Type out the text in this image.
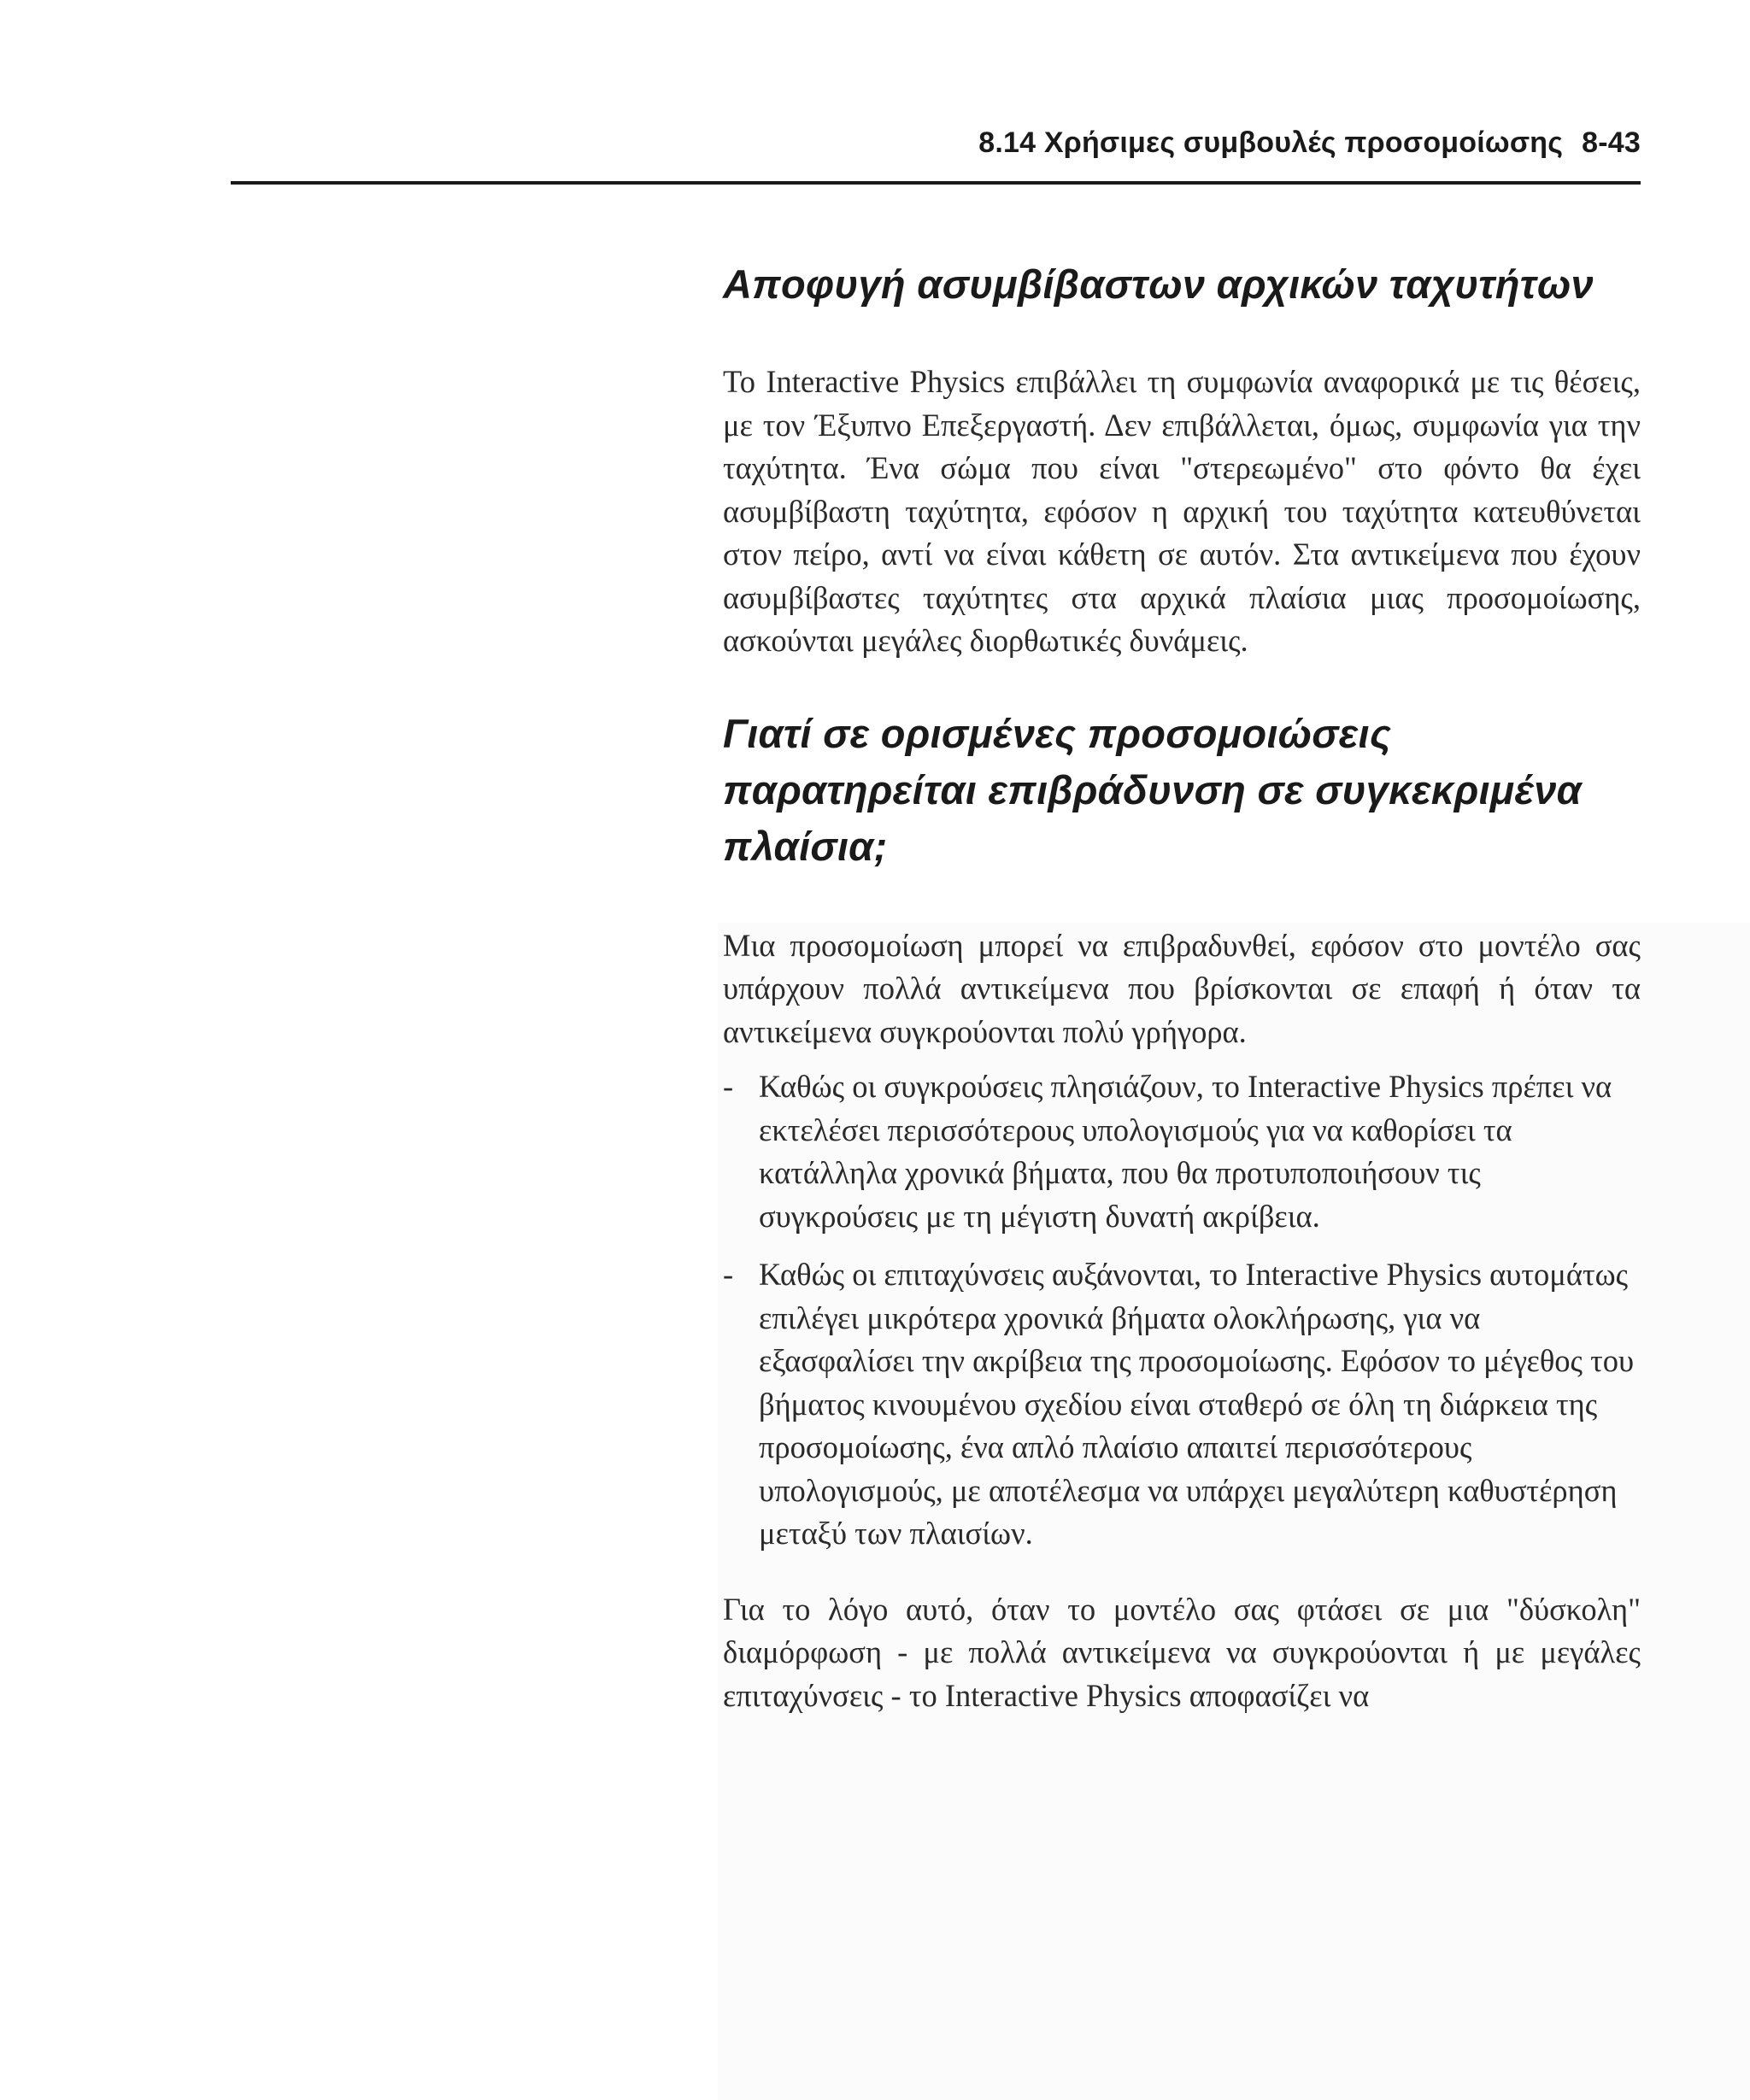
8.14 Χρήσιμες συμβουλές προσομοίωσης 8-43
Αποφυγή ασυμβίβαστων αρχικών ταχυτήτων

Το Interactive Physics επιβάλλει τη συμφωνία αναφορικά με τις θέσεις, με τον Έξυπνο Επεξεργαστή. Δεν επιβάλλεται, όμως, συμφωνία για την ταχύτητα. Ένα σώμα που είναι "στερεωμένο" στο φόντο θα έχει ασυμβίβαστη ταχύτητα, εφόσον η αρχική του ταχύτητα κατευθύνεται στον πείρο, αντί να είναι κάθετη σε αυτόν. Στα αντικείμενα που έχουν ασυμβίβαστες ταχύτητες στα αρχικά πλαίσια μιας προσομοίωσης, ασκούνται μεγάλες διορθωτικές δυνάμεις.

Γιατί σε ορισμένες προσομοιώσεις παρατηρείται επιβράδυνση σε συγκεκριμένα πλαίσια;

Μια προσομοίωση μπορεί να επιβραδυνθεί, εφόσον στο μοντέλο σας υπάρχουν πολλά αντικείμενα που βρίσκονται σε επαφή ή όταν τα αντικείμενα συγκρούονται πολύ γρήγορα.

- Καθώς οι συγκρούσεις πλησιάζουν, το Interactive Physics πρέπει να εκτελέσει περισσότερους υπολογισμούς για να καθορίσει τα κατάλληλα χρονικά βήματα, που θα προτυποποιήσουν τις συγκρούσεις με τη μέγιστη δυνατή ακρίβεια.
- Καθώς οι επιταχύνσεις αυξάνονται, το Interactive Physics αυτομάτως επιλέγει μικρότερα χρονικά βήματα ολοκλήρωσης, για να εξασφαλίσει την ακρίβεια της προσομοίωσης. Εφόσον το μέγεθος του βήματος κινουμένου σχεδίου είναι σταθερό σε όλη τη διάρκεια της προσομοίωσης, ένα απλό πλαίσιο απαιτεί περισσότερους υπολογισμούς, με αποτέλεσμα να υπάρχει μεγαλύτερη καθυστέρηση μεταξύ των πλαισίων.

Για το λόγο αυτό, όταν το μοντέλο σας φτάσει σε μια "δύσκολη" διαμόρφωση - με πολλά αντικείμενα να συγκρούονται ή με μεγάλες επιταχύνσεις - το Interactive Physics αποφασίζει να
